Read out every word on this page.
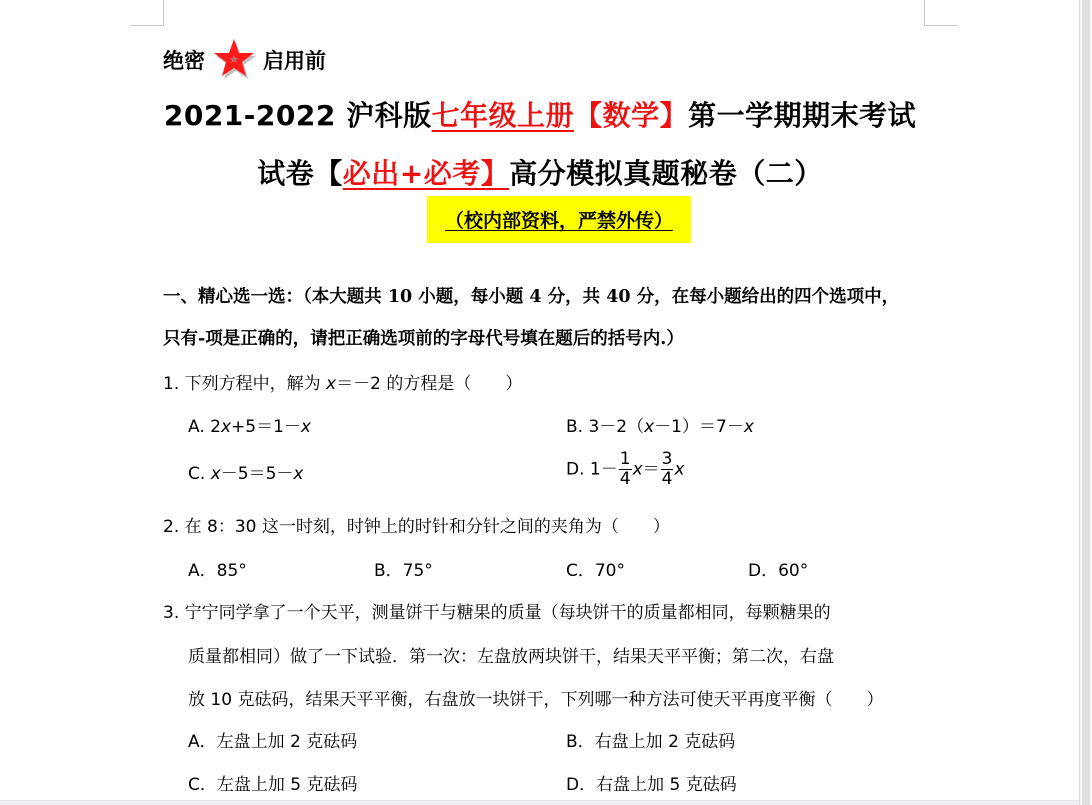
绝密	启用前
2021-2022 沪科版七年级上册【数学】第一学期期末考试
试卷【必出+必考】高分模拟真题秘卷（二）
（校内部资料，严禁外传）
一、精心选一选：（本大题共 10 小题，每小题 4 分，共 40 分，在每小题给出的四个选项中，
只有-项是正确的，请把正确选项前的字母代号填在题后的括号内.）
1. 下列方程中，解为 x＝－2 的方程是（　　）
A. 2x+5＝1－x	B. 3－2（x－1）＝7－x
C. x－5＝5－x	D. $1- \frac{1}{4} x= \frac{3}{4}$ x
2. 在 8：30 这一时刻，时钟上的时针和分针之间的夹角为（　　）
A．85°	B．75°	C．70°	D．60°
3. 宁宁同学拿了一个天平，测量饼干与糖果的质量（每块饼干的质量都相同，每颗糖果的
质量都相同）做了一下试验．第一次：左盘放两块饼干，结果天平平衡；第二次，右盘
放 10 克砝码，结果天平平衡，右盘放一块饼干，下列哪一种方法可使天平再度平衡（　　）
A．左盘上加 2 克砝码	B．右盘上加 2 克砝码
C．左盘上加 5 克砝码	D．右盘上加 5 克砝码
